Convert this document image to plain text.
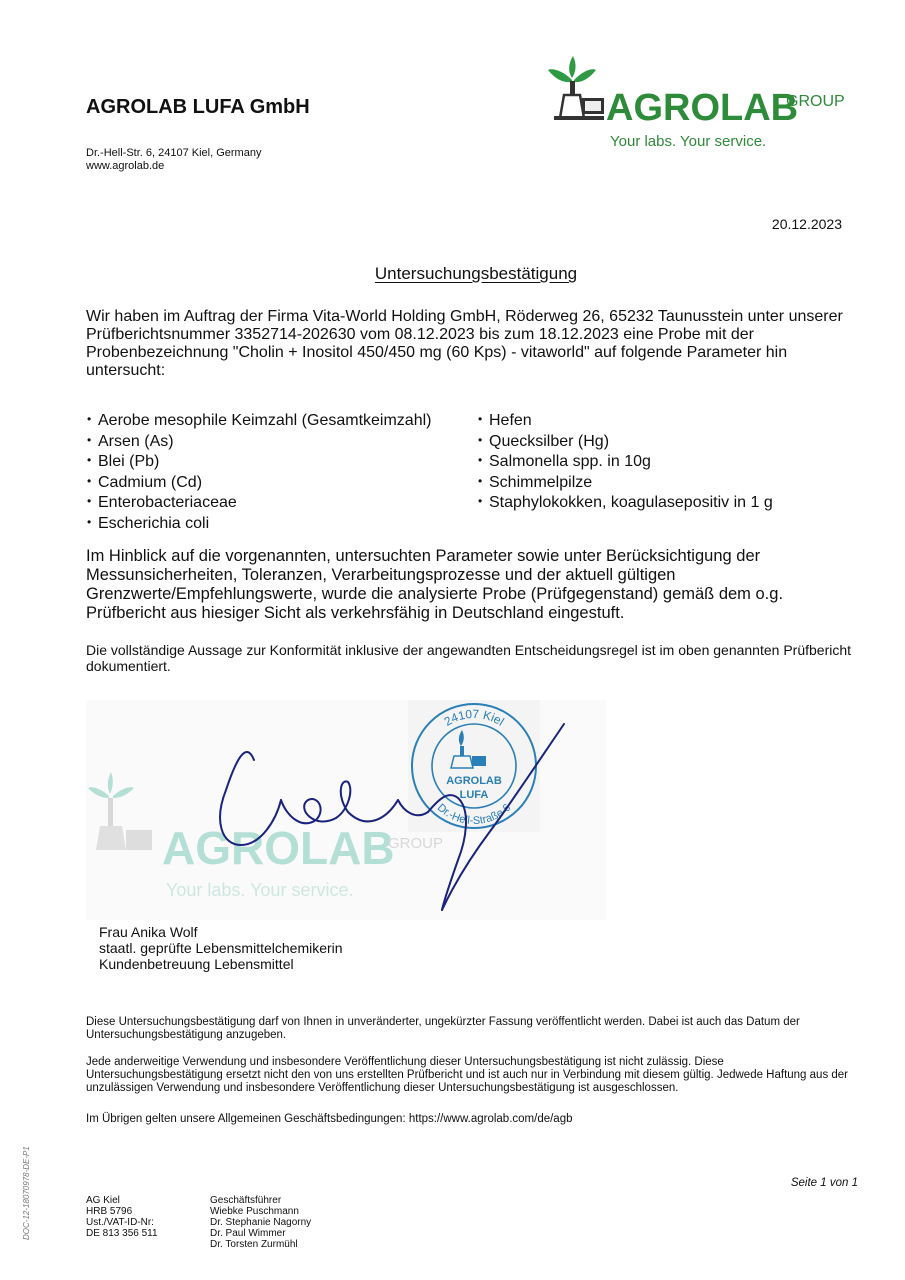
AGROLAB LUFA GmbH
Dr.-Hell-Str. 6, 24107 Kiel, Germany
www.agrolab.de
AGROLAB
GROUP
Your labs. Your service.
20.12.2023
Untersuchungsbestätigung
Wir haben im Auftrag der Firma Vita-World Holding GmbH, Röderweg 26, 65232 Taunusstein unter unserer Prüfberichtsnummer 3352714-202630 vom 08.12.2023 bis zum 18.12.2023 eine Probe mit der Probenbezeichnung "Cholin + Inositol 450/450 mg (60 Kps) - vitaworld" auf folgende Parameter hin untersucht:
• Aerobe mesophile Keimzahl (Gesamtkeimzahl)
• Arsen (As)
• Blei (Pb)
• Cadmium (Cd)
• Enterobacteriaceae
• Escherichia coli
• Hefen
• Quecksilber (Hg)
• Salmonella spp. in 10g
• Schimmelpilze
• Staphylokokken, koagulasepositiv in 1 g
Im Hinblick auf die vorgenannten, untersuchten Parameter sowie unter Berücksichtigung der Messunsicherheiten, Toleranzen, Verarbeitungsprozesse und der aktuell gültigen Grenzwerte/Empfehlungswerte, wurde die analysierte Probe (Prüfgegenstand) gemäß dem o.g. Prüfbericht aus hiesiger Sicht als verkehrsfähig in Deutschland eingestuft.
Die vollständige Aussage zur Konformität inklusive der angewandten Entscheidungsregel ist im oben genannten Prüfbericht dokumentiert.
AGROLAB
GROUP
Your labs. Your service.
24107 Kiel
Dr.-Hell-Straße 6
AGROLAB
LUFA
Frau Anika Wolf
staatl. geprüfte Lebensmittelchemikerin
Kundenbetreuung Lebensmittel
Diese Untersuchungsbestätigung darf von Ihnen in unveränderter, ungekürzter Fassung veröffentlicht werden. Dabei ist auch das Datum der Untersuchungsbestätigung anzugeben.
Jede anderweitige Verwendung und insbesondere Veröffentlichung dieser Untersuchungsbestätigung ist nicht zulässig. Diese Untersuchungsbestätigung ersetzt nicht den von uns erstellten Prüfbericht und ist auch nur in Verbindung mit diesem gültig. Jedwede Haftung aus der unzulässigen Verwendung und insbesondere Veröffentlichung dieser Untersuchungsbestätigung ist ausgeschlossen.
Im Übrigen gelten unsere Allgemeinen Geschäftsbedingungen: https://www.agrolab.com/de/agb
Seite 1 von 1
DOC-12-18070978-DE-P1	AG Kiel
HRB 5796
Ust./VAT-ID-Nr:
DE 813 356 511
Geschäftsführer
Wiebke Puschmann
Dr. Stephanie Nagorny
Dr. Paul Wimmer
Dr. Torsten Zurmühl
